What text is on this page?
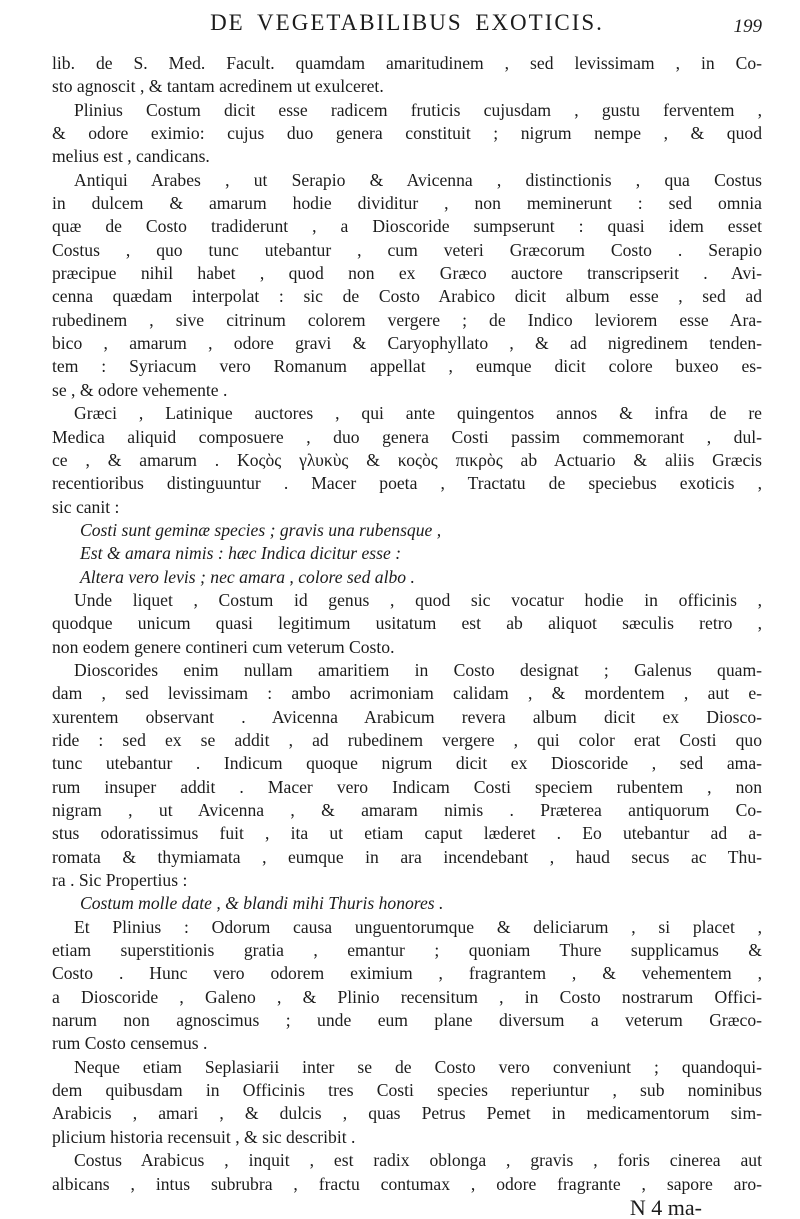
DE VEGETABILIBUS EXOTICIS.	199
lib. de S. Med. Facult. quamdam amaritudinem , sed levissimam , in Co-
sto agnoscit , & tantam acredinem ut exulceret.
Plinius Costum dicit esse radicem fruticis cujusdam , gustu ferventem ,
& odore eximio: cujus duo genera constituit ; nigrum nempe , & quod
melius est , candicans.
Antiqui Arabes , ut Serapio & Avicenna , distinctionis , qua Costus
in dulcem & amarum hodie dividitur , non meminerunt : sed omnia
quæ de Costo tradiderunt , a Dioscoride sumpserunt : quasi idem esset
Costus , quo tunc utebantur , cum veteri Græcorum Costo . Serapio
præcipue nihil habet , quod non ex Græco auctore transcripserit . Avi-
cenna quædam interpolat : sic de Costo Arabico dicit album esse , sed ad
rubedinem , sive citrinum colorem vergere ; de Indico leviorem esse Ara-
bico , amarum , odore gravi & Caryophyllato , & ad nigredinem tenden-
tem : Syriacum vero Romanum appellat , eumque dicit colore buxeo es-
se , & odore vehemente .
Græci , Latinique auctores , qui ante quingentos annos & infra de re
Medica aliquid composuere , duo genera Costi passim commemorant , dul-
ce , & amarum . Κοςὸς γλυκὺς & κοςὸς πικρὸς ab Actuario & aliis Græcis
recentioribus distinguuntur . Macer poeta , Tractatu de speciebus exoticis ,
sic canit :
Costi sunt geminæ species ; gravis una rubensque ,
Est & amara nimis : hæc Indica dicitur esse :
Altera vero levis ; nec amara , colore sed albo .
Unde liquet , Costum id genus , quod sic vocatur hodie in officinis ,
quodque unicum quasi legitimum usitatum est ab aliquot sæculis retro ,
non eodem genere contineri cum veterum Costo.
Dioscorides enim nullam amaritiem in Costo designat ; Galenus quam-
dam , sed levissimam : ambo acrimoniam calidam , & mordentem , aut e-
xurentem observant . Avicenna Arabicum revera album dicit ex Diosco-
ride : sed ex se addit , ad rubedinem vergere , qui color erat Costi quo
tunc utebantur . Indicum quoque nigrum dicit ex Dioscoride , sed ama-
rum insuper addit . Macer vero Indicam Costi speciem rubentem , non
nigram , ut Avicenna , & amaram nimis . Præterea antiquorum Co-
stus odoratissimus fuit , ita ut etiam caput læderet . Eo utebantur ad a-
romata & thymiamata , eumque in ara incendebant , haud secus ac Thu-
ra . Sic Propertius :
Costum molle date , & blandi mihi Thuris honores .
Et Plinius : Odorum causa unguentorumque & deliciarum , si placet ,
etiam superstitionis gratia , emantur ; quoniam Thure supplicamus &
Costo . Hunc vero odorem eximium , fragrantem , & vehementem ,
a Dioscoride , Galeno , & Plinio recensitum , in Costo nostrarum Offici-
narum non agnoscimus ; unde eum plane diversum a veterum Græco-
rum Costo censemus .
Neque etiam Seplasiarii inter se de Costo vero conveniunt ; quandoqui-
dem quibusdam in Officinis tres Costi species reperiuntur , sub nominibus
Arabicis , amari , & dulcis , quas Petrus Pemet in medicamentorum sim-
plicium historia recensuit , & sic describit .
Costus Arabicus , inquit , est radix oblonga , gravis , foris cinerea aut
albicans , intus subrubra , fractu contumax , odore fragrante , sapore aro-
N 4 ma-
